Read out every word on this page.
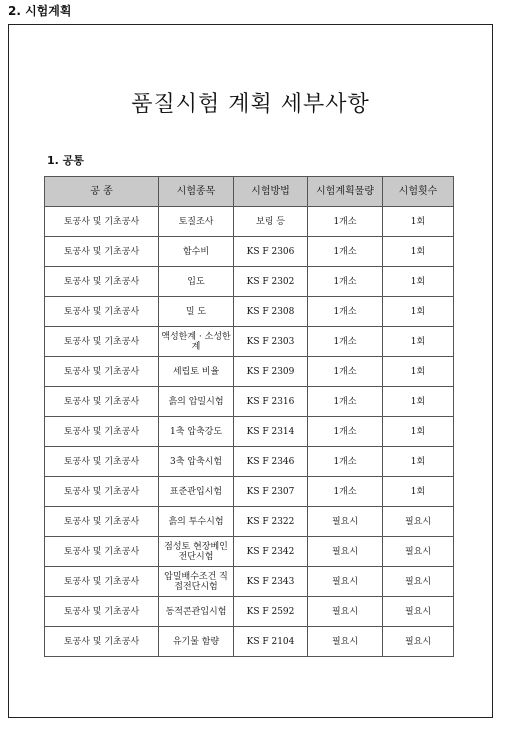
2. 시험계획
품질시험 계획 세부사항
1. 공통
공 종	시험종목	시험방법	시험계획물량	시험횟수
토공사 및 기초공사	토질조사	보링 등	1개소	1회
토공사 및 기초공사	함수비	KS F 2306	1개소	1회
토공사 및 기초공사	입도	KS F 2302	1개소	1회
토공사 및 기초공사	밀 도	KS F 2308	1개소	1회
토공사 및 기초공사	액성한계 · 소성한계	KS F 2303	1개소	1회
토공사 및 기초공사	세립토 비율	KS F 2309	1개소	1회
토공사 및 기초공사	흙의 압밀시험	KS F 2316	1개소	1회
토공사 및 기초공사	1축 압축강도	KS F 2314	1개소	1회
토공사 및 기초공사	3축 압축시험	KS F 2346	1개소	1회
토공사 및 기초공사	표준관입시험	KS F 2307	1개소	1회
토공사 및 기초공사	흙의 투수시험	KS F 2322	필요시	필요시
토공사 및 기초공사	점성토 현장베인전단시험	KS F 2342	필요시	필요시
토공사 및 기초공사	압밀배수조건 직접전단시험	KS F 2343	필요시	필요시
토공사 및 기초공사	동적콘관입시험	KS F 2592	필요시	필요시
토공사 및 기초공사	유기물 함량	KS F 2104	필요시	필요시
